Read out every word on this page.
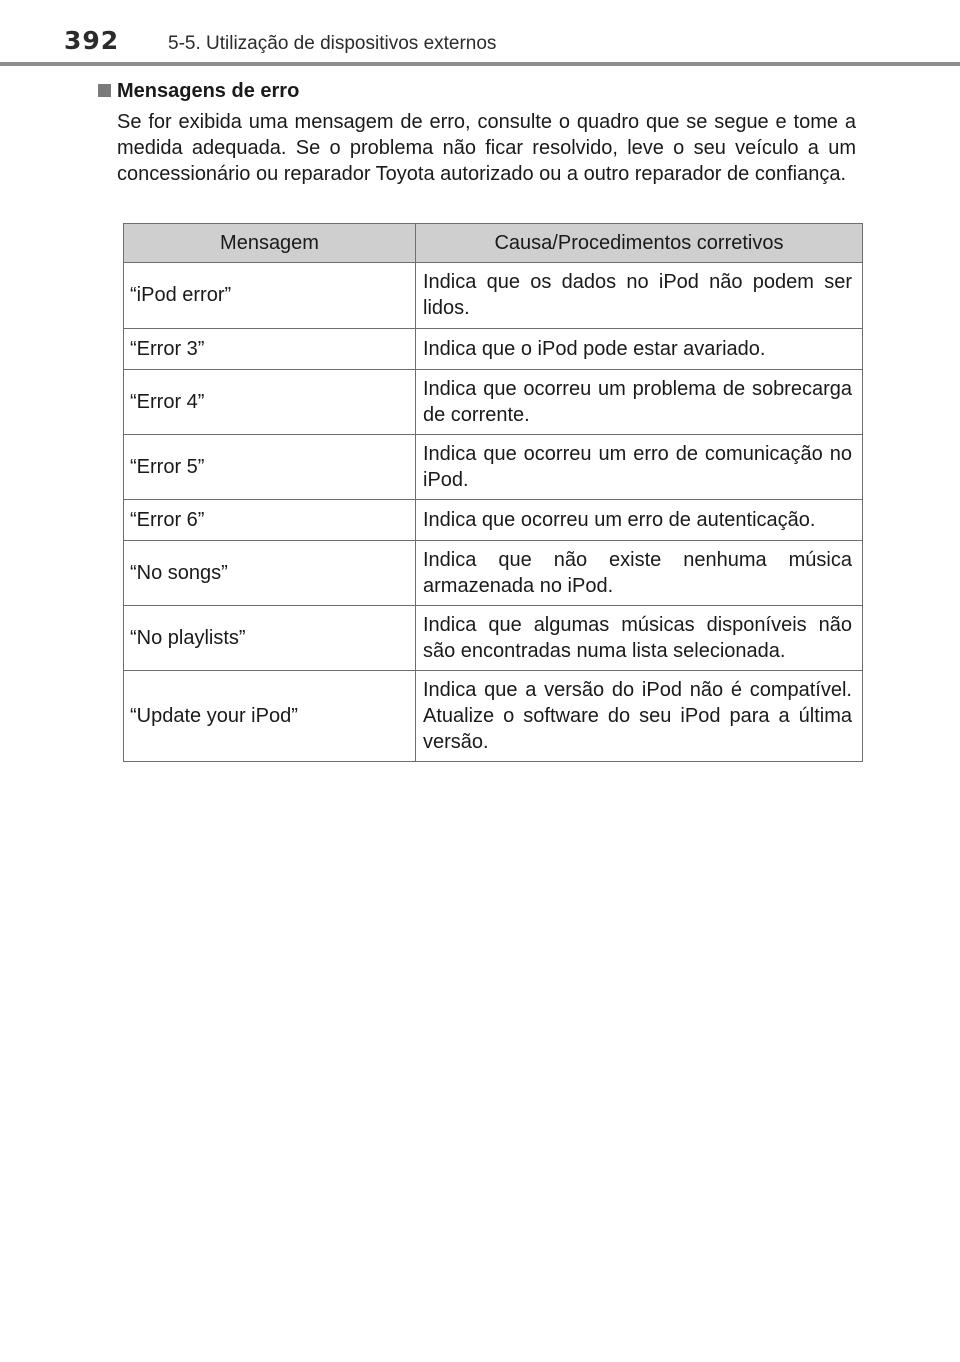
392	5-5. Utilização de dispositivos externos
Mensagens de erro
Se for exibida uma mensagem de erro, consulte o quadro que se segue e tome a medida adequada. Se o problema não ficar resolvido, leve o seu veículo a um concessionário ou reparador Toyota autorizado ou a outro reparador de confiança.
Mensagem	Causa/Procedimentos corretivos
“iPod error”	Indica que os dados no iPod não podem ser lidos.
“Error 3”	Indica que o iPod pode estar avariado.
“Error 4”	Indica que ocorreu um problema de sobrecarga de corrente.
“Error 5”	Indica que ocorreu um erro de comunicação no iPod.
“Error 6”	Indica que ocorreu um erro de autenticação.
“No songs”	Indica que não existe nenhuma música armazenada no iPod.
“No playlists”	Indica que algumas músicas disponíveis não são encontradas numa lista selecionada.
“Update your iPod”	Indica que a versão do iPod não é compatível. Atualize o software do seu iPod para a última versão.
